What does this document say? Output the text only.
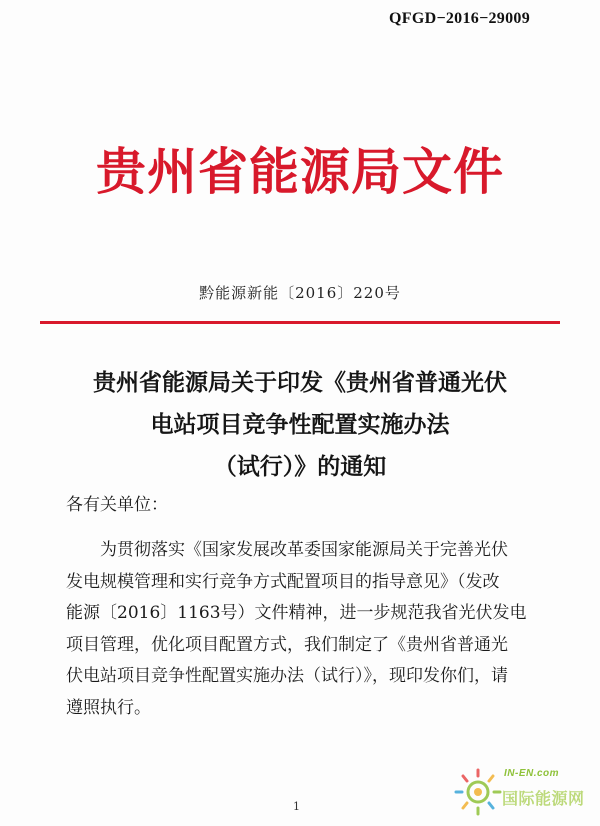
QFGD−2016−29009
贵州省能源局文件
黔能源新能〔2016〕220号
贵州省能源局关于印发《贵州省普通光伏
电站项目竞争性配置实施办法
（试行）》的通知
各有关单位：
　　为贯彻落实《国家发展改革委国家能源局关于完善光伏
发电规模管理和实行竞争方式配置项目的指导意见》（发改
能源〔2016〕1163号）文件精神，进一步规范我省光伏发电
项目管理，优化项目配置方式，我们制定了《贵州省普通光
伏电站项目竞争性配置实施办法（试行）》，现印发你们，请
遵照执行。
1
IN-EN.com
国际能源网
